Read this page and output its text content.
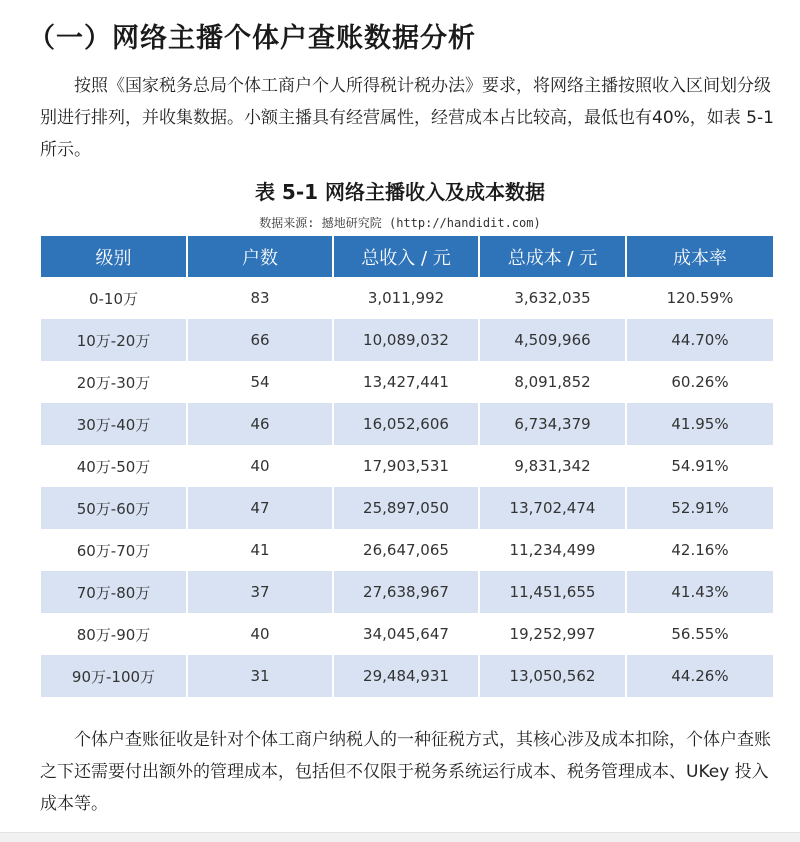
（一）网络主播个体户查账数据分析

按照《国家税务总局个体工商户个人所得税计税办法》要求，将网络主播按照收入区间划分级别进行排列，并收集数据。小额主播具有经营属性，经营成本占比较高，最低也有40%，如表 5-1 所示。

表 5-1 网络主播收入及成本数据
数据来源: 撼地研究院 (http://handidit.com)
级别	户数	总收入 / 元	总成本 / 元	成本率
0-10万	83	3,011,992	3,632,035	120.59%
10万-20万	66	10,089,032	4,509,966	44.70%
20万-30万	54	13,427,441	8,091,852	60.26%
30万-40万	46	16,052,606	6,734,379	41.95%
40万-50万	40	17,903,531	9,831,342	54.91%
50万-60万	47	25,897,050	13,702,474	52.91%
60万-70万	41	26,647,065	11,234,499	42.16%
70万-80万	37	27,638,967	11,451,655	41.43%
80万-90万	40	34,045,647	19,252,997	56.55%
90万-100万	31	29,484,931	13,050,562	44.26%

个体户查账征收是针对个体工商户纳税人的一种征税方式，其核心涉及成本扣除，个体户查账之下还需要付出额外的管理成本，包括但不仅限于税务系统运行成本、税务管理成本、UKey 投入成本等。
